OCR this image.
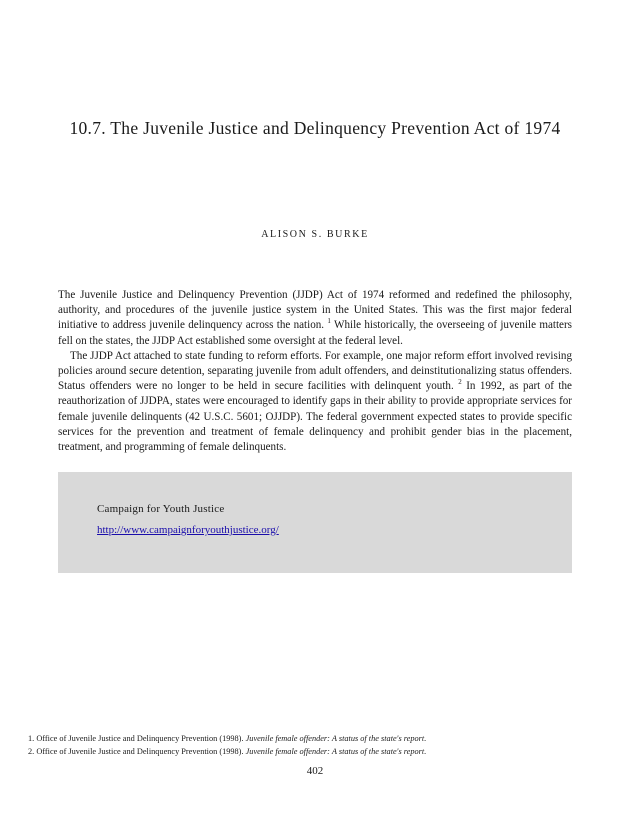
10.7. The Juvenile Justice and Delinquency Prevention Act of 1974
ALISON S. BURKE

The Juvenile Justice and Delinquency Prevention (JJDP) Act of 1974 reformed and redefined the philosophy, authority, and procedures of the juvenile justice system in the United States. This was the first major federal initiative to address juvenile delinquency across the nation. $^1$ While historically, the overseeing of juvenile matters fell on the states, the JJDP Act established some oversight at the federal level.

The JJDP Act attached to state funding to reform efforts. For example, one major reform effort involved revising policies around secure detention, separating juvenile from adult offenders, and deinstitutionalizing status offenders. Status offenders were no longer to be held in secure facilities with delinquent youth. $^2$ In 1992, as part of the reauthorization of JJDPA, states were encouraged to identify gaps in their ability to provide appropriate services for female juvenile delinquents (42 U.S.C. 5601; OJJDP). The federal government expected states to provide specific services for the prevention and treatment of female delinquency and prohibit gender bias in the placement, treatment, and programming of female delinquents.

Campaign for Youth Justice
http://www.campaignforyouthjustice.org/
1. Office of Juvenile Justice and Delinquency Prevention (1998). Juvenile female offender: A status of the state's report.
2. Office of Juvenile Justice and Delinquency Prevention (1998). Juvenile female offender: A status of the state's report.
402
